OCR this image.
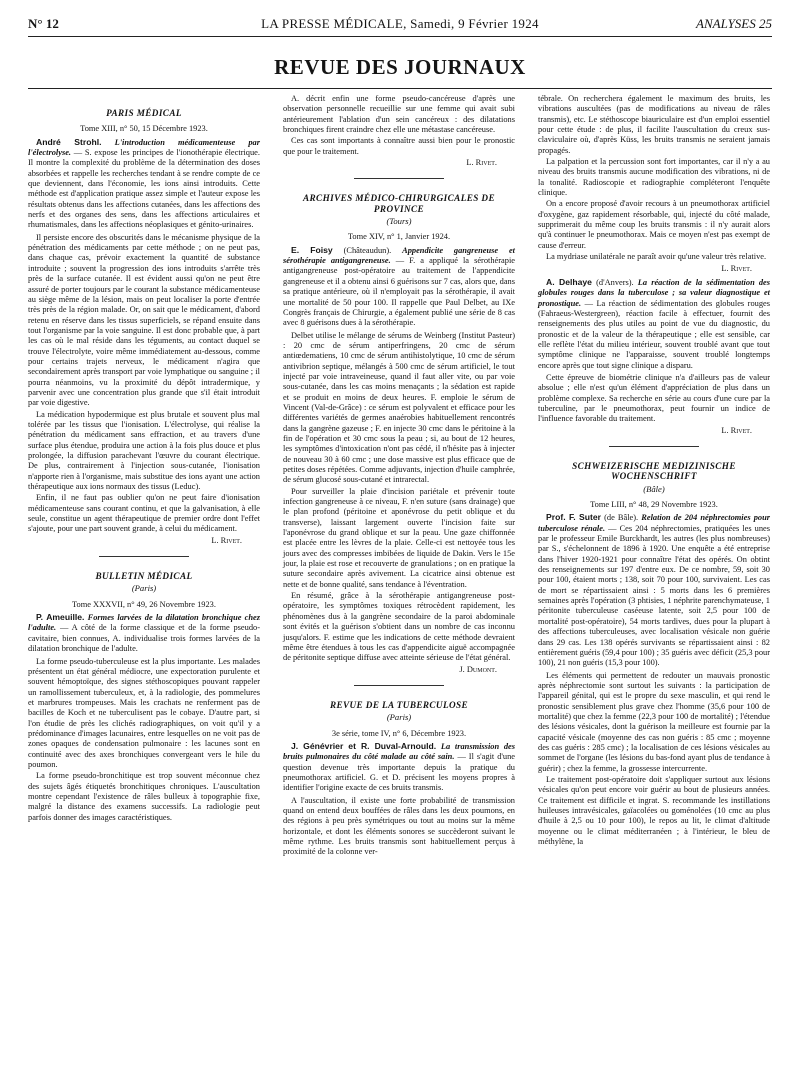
N° 12	LA PRESSE MÉDICALE, Samedi, 9 Février 1924	ANALYSES 25
REVUE DES JOURNAUX
PARIS MÉDICAL
Tome XIII, n° 50, 15 Décembre 1923.
André Strohl. L'introduction médicamenteuse par l'électrolyse. — S. expose les principes de l'ionothérapie électrique. Il montre la complexité du problème de la détermination des doses absorbées et rappelle les recherches tendant à se rendre compte de ce que deviennent, dans l'économie, les ions ainsi introduits. Cette méthode est d'application pratique assez simple et l'auteur expose les résultats obtenus dans les affections cutanées, dans les affections des nerfs et des organes des sens, dans les affections articulaires et rhumatismales, dans les affections néoplasiques et génito-urinaires.
Il persiste encore des obscurités dans le mécanisme physique de la pénétration des médicaments par cette méthode ; on ne peut pas, dans chaque cas, prévoir exactement la quantité de substance introduite ; souvent la progression des ions introduits s'arrête très près de la surface cutanée. Il est évident aussi qu'on ne peut être assuré de porter toujours par le courant la substance médicamenteuse au siège même de la lésion, mais on peut localiser la porte d'entrée très près de la région malade. Or, on sait que le médicament, d'abord retenu en réserve dans les tissus superficiels, se répand ensuite dans tout l'organisme par la voie sanguine. Il est donc probable que, à part les cas où le mal réside dans les téguments, au contact duquel se trouve l'électrolyte, voire même immédiatement au-dessous, comme pour certains trajets nerveux, le médicament n'agira que secondairement après transport par voie lymphatique ou sanguine ; il pourra néanmoins, vu la proximité du dépôt intradermique, y parvenir avec une concentration plus grande que s'il était introduit par voie digestive.
La médication hypodermique est plus brutale et souvent plus mal tolérée par les tissus que l'ionisation. L'électrolyse, qui réalise la pénétration du médicament sans effraction, et au travers d'une surface plus étendue, produira une action à la fois plus douce et plus prolongée, la diffusion parachevant l'œuvre du courant électrique. De plus, contrairement à l'injection sous-cutanée, l'ionisation n'apporte rien à l'organisme, mais substitue des ions ayant une action thérapeutique aux ions normaux des tissus (Leduc).
Enfin, il ne faut pas oublier qu'on ne peut faire d'ionisation médicamenteuse sans courant continu, et que la galvanisation, à elle seule, constitue un agent thérapeutique de premier ordre dont l'effet s'ajoute, pour une part souvent grande, à celui du médicament.
L. Rivet.
BULLETIN MÉDICAL
(Paris)
Tome XXXVII, n° 49, 26 Novembre 1923.
P. Ameuille. Formes larvées de la dilatation bronchique chez l'adulte. — A côté de la forme classique et de la forme pseudo-cavitaire, bien connues, A. individualise trois formes larvées de la dilatation bronchique de l'adulte.
La forme pseudo-tuberculeuse est la plus importante. Les malades présentent un état général médiocre, une expectoration purulente et souvent hémoptoïque, des signes stéthoscopiques pouvant rappeler un ramollissement tuberculeux, et, à la radiologie, des pommelures et marbrures trompeuses. Mais les crachats ne renferment pas de bacilles de Koch et ne tuberculisent pas le cobaye. D'autre part, si l'on étudie de près les clichés radiographiques, on voit qu'il y a prédominance d'images lacunaires, entre lesquelles on ne voit pas de zones opaques de condensation pulmonaire : les lacunes sont en continuité avec des axes bronchiques convergeant vers le hile du poumon.
La forme pseudo-bronchitique est trop souvent méconnue chez des sujets âgés étiquetés bronchitiques chroniques. L'auscultation montre cependant l'existence de râles bulleux à topographie fixe, malgré la distance des examens successifs. La radiologie peut parfois donner des images caractéristiques.
A. décrit enfin une forme pseudo-cancéreuse d'après une observation personnelle recueillie sur une femme qui avait subi antérieurement l'ablation d'un sein cancéreux : des dilatations bronchiques firent craindre chez elle une métastase cancéreuse.
Ces cas sont importants à connaître aussi bien pour le pronostic que pour le traitement.
L. Rivet.
ARCHIVES MÉDICO-CHIRURGICALES DE PROVINCE
(Tours)
Tome XIV, n° 1, Janvier 1924.
E. Foisy (Châteaudun). Appendicite gangreneuse et sérothérapie antigangreneuse. — F. a appliqué la sérothérapie antigangreneuse post-opératoire au traitement de l'appendicite gangreneuse et il a obtenu ainsi 6 guérisons sur 7 cas, alors que, dans sa pratique antérieure, où il n'employait pas la sérothérapie, il avait une mortalité de 50 pour 100. Il rappelle que Paul Delbet, au IXe Congrès français de Chirurgie, a également publié une série de 8 cas avec 8 guérisons dues à la sérothérapie.
Delbet utilise le mélange de sérums de Weinberg (Institut Pasteur) : 20 cmc de sérum antiperfringens, 20 cmc de sérum antiœdematiens, 10 cmc de sérum antihistolytique, 10 cmc de sérum antivibrion septique, mélangés à 500 cmc de sérum artificiel, le tout injecté par voie intraveineuse, quand il faut aller vite, ou par voie sous-cutanée, dans les cas moins menaçants ; la sédation est rapide et se produit en moins de deux heures. F. emploie le sérum de Vincent (Val-de-Grâce) : ce sérum est polyvalent et efficace pour les différentes variétés de germes anaérobies habituellement rencontrés dans la gangrène gazeuse ; F. en injecte 30 cmc dans le péritoine à la fin de l'opération et 30 cmc sous la peau ; si, au bout de 12 heures, les symptômes d'intoxication n'ont pas cédé, il n'hésite pas à injecter de nouveau 30 à 60 cmc ; une dose massive est plus efficace que de petites doses répétées. Comme adjuvants, injection d'huile camphrée, de sérum glucosé sous-cutané et intrarectal.
Pour surveiller la plaie d'incision pariétale et prévenir toute infection gangreneuse à ce niveau, F. n'en suture (sans drainage) que le plan profond (péritoine et aponévrose du petit oblique et du transverse), laissant largement ouverte l'incision faite sur l'aponévrose du grand oblique et sur la peau. Une gaze chiffonnée est placée entre les lèvres de la plaie. Celle-ci est nettoyée tous les jours avec des compresses imbibées de liquide de Dakin. Vers le 15e jour, la plaie est rose et recouverte de granulations ; on en pratique la suture secondaire après avivement. La cicatrice ainsi obtenue est nette et de bonne qualité, sans tendance à l'éventration.
En résumé, grâce à la sérothérapie antigangreneuse post-opératoire, les symptômes toxiques rétrocèdent rapidement, les phénomènes dus à la gangrène secondaire de la paroi abdominale sont évités et la guérison s'obtient dans un nombre de cas inconnu jusqu'alors. F. estime que les indications de cette méthode devraient même être étendues à tous les cas d'appendicite aiguë accompagnée de péritonite septique diffuse avec atteinte sérieuse de l'état général.
J. Dumont.
REVUE DE LA TUBERCULOSE
(Paris)
3e série, tome IV, n° 6, Décembre 1923.
J. Génévrier et R. Duval-Arnould. La transmission des bruits pulmonaires du côté malade au côté sain. — Il s'agit d'une question devenue très importante depuis la pratique du pneumothorax artificiel. G. et D. précisent les moyens propres à identifier l'origine exacte de ces bruits transmis.
A l'auscultation, il existe une forte probabilité de transmission quand on entend deux bouffées de râles dans les deux poumons, en des régions à peu près symétriques ou tout au moins sur la même horizontale, et dont les éléments sonores se succèderont suivant le même rythme. Les bruits transmis sont habituellement perçus à proximité de la colonne ver-
tébrale. On recherchera également le maximum des bruits, les vibrations auscultées (pas de modifications au niveau de râles transmis), etc. Le stéthoscope biauriculaire est d'un emploi essentiel pour cette étude : de plus, il facilite l'auscultation du creux sus-claviculaire où, d'après Küss, les bruits transmis ne seraient jamais propagés.
La palpation et la percussion sont fort importantes, car il n'y a au niveau des bruits transmis aucune modification des vibrations, ni de la tonalité. Radioscopie et radiographie compléteront l'enquête clinique.
On a encore proposé d'avoir recours à un pneumothorax artificiel d'oxygène, gaz rapidement résorbable, qui, injecté du côté malade, supprimerait du même coup les bruits transmis : il n'y aurait alors qu'à continuer le pneumothorax. Mais ce moyen n'est pas exempt de cause d'erreur.
La mydriase unilatérale ne paraît avoir qu'une valeur très relative.
L. Rivet.
A. Delhaye (d'Anvers). La réaction de la sédimentation des globules rouges dans la tuberculose ; sa valeur diagnostique et pronostique. — La réaction de sédimentation des globules rouges (Fahraeus-Westergreen), réaction facile à effectuer, fournit des renseignements des plus utiles au point de vue du diagnostic, du pronostic et de la valeur de la thérapeutique ; elle est sensible, car elle reflète l'état du milieu intérieur, souvent troublé avant que tout symptôme clinique ne l'apparaisse, souvent troublé longtemps encore après que tout signe clinique a disparu.
Cette épreuve de biométrie clinique n'a d'ailleurs pas de valeur absolue ; elle n'est qu'un élément d'appréciation de plus dans un problème complexe. Sa recherche en série au cours d'une cure par la tuberculine, par le pneumothorax, peut fournir un indice de l'influence favorable du traitement.
L. Rivet.
SCHWEIZERISCHE MEDIZINISCHE WOCHENSCHRIFT
(Bâle)
Tome LIII, n° 48, 29 Novembre 1923.
Prof. F. Suter (de Bâle). Relation de 204 néphrectomies pour tuberculose rénale. — Ces 204 néphrectomies, pratiquées les unes par le professeur Emile Burckhardt, les autres (les plus nombreuses) par S., s'échelonnent de 1896 à 1920. Une enquête a été entreprise dans l'hiver 1920-1921 pour connaître l'état des opérés. On obtint des renseignements sur 197 d'entre eux. De ce nombre, 59, soit 30 pour 100, étaient morts ; 138, soit 70 pour 100, survivaient. Les cas de mort se répartissaient ainsi : 5 morts dans les 6 premières semaines après l'opération (3 phtisies, 1 néphrite parenchymateuse, 1 péritonite tuberculeuse caséeuse latente, soit 2,5 pour 100 de mortalité post-opératoire), 54 morts tardives, dues pour la plupart à des affections tuberculeuses, avec localisation vésicale non guérie dans 29 cas. Les 138 opérés survivants se répartissaient ainsi : 82 entièrement guéris (59,4 pour 100) ; 35 guéris avec déficit (25,3 pour 100), 21 non guéris (15,3 pour 100).
Les éléments qui permettent de redouter un mauvais pronostic après néphrectomie sont surtout les suivants : la participation de l'appareil génital, qui est le propre du sexe masculin, et qui rend le pronostic sensiblement plus grave chez l'homme (35,6 pour 100 de mortalité) que chez la femme (22,3 pour 100 de mortalité) ; l'étendue des lésions vésicales, dont la guérison la meilleure est fournie par la capacité vésicale (moyenne des cas non guéris : 85 cmc ; moyenne des cas guéris : 285 cmc) ; la localisation de ces lésions vésicales au sommet de l'organe (les lésions du bas-fond ayant plus de tendance à guérir) ; chez la femme, la grossesse intercurrente.
Le traitement post-opératoire doit s'appliquer surtout aux lésions vésicales qu'on peut encore voir guérir au bout de plusieurs années. Ce traitement est difficile et ingrat. S. recommande les instillations huileuses intravésicales, gaïacolées ou goménolées (10 cmc au plus d'huile à 2,5 ou 10 pour 100), le repos au lit, le climat d'altitude moyenne ou le climat méditerranéen ; à l'intérieur, le bleu de méthylène, la
